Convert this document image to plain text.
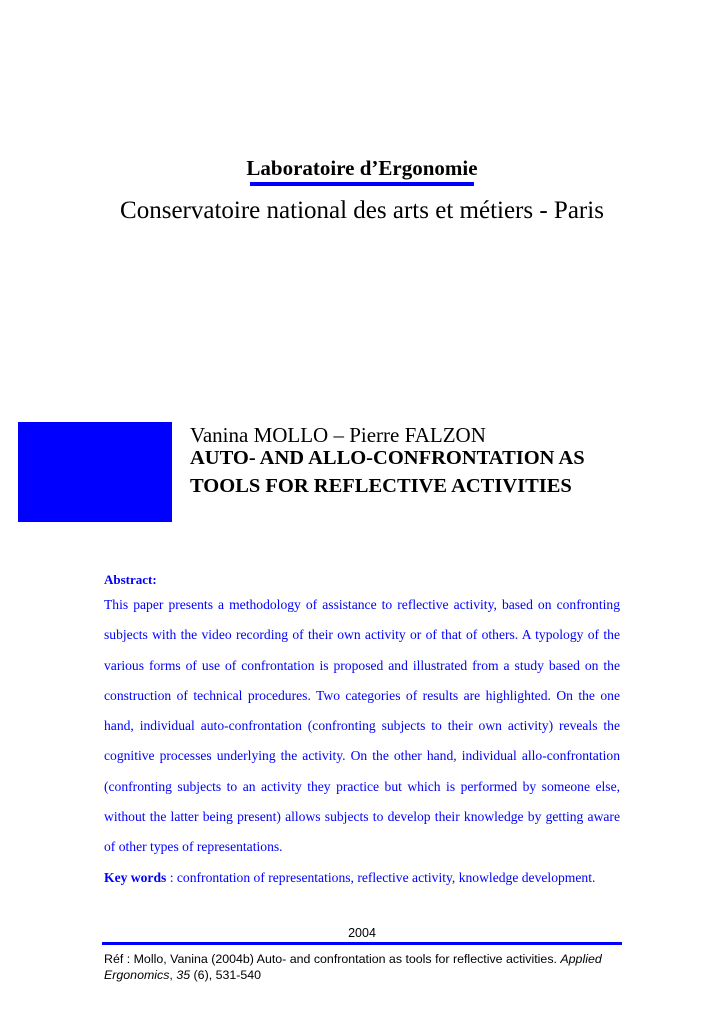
Laboratoire d’Ergonomie
Conservatoire national des arts et métiers - Paris
Vanina MOLLO – Pierre FALZON
AUTO- AND ALLO-CONFRONTATION AS TOOLS FOR REFLECTIVE ACTIVITIES
Abstract:
This paper presents a methodology of assistance to reflective activity, based on confronting subjects with the video recording of their own activity or of that of others. A typology of the various forms of use of confrontation is proposed and illustrated from a study based on the construction of technical procedures. Two categories of results are highlighted. On the one hand, individual auto-confrontation (confronting subjects to their own activity) reveals the cognitive processes underlying the activity. On the other hand, individual allo-confrontation (confronting subjects to an activity they practice but which is performed by someone else, without the latter being present) allows subjects to develop their knowledge by getting aware of other types of representations.
Key words : confrontation of representations, reflective activity, knowledge development.
2004
Réf : Mollo, Vanina (2004b) Auto- and confrontation as tools for reflective activities. Applied Ergonomics, 35 (6), 531-540
